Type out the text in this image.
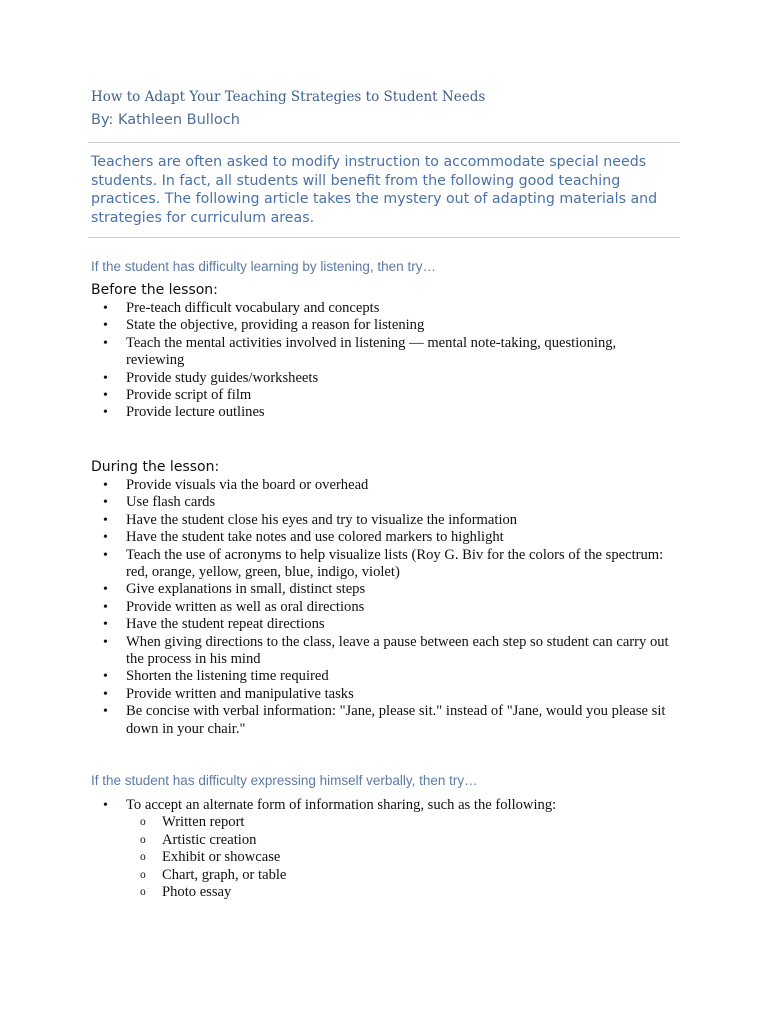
How to Adapt Your Teaching Strategies to Student Needs
By: Kathleen Bulloch
Teachers are often asked to modify instruction to accommodate special needs students. In fact, all students will benefit from the following good teaching practices. The following article takes the mystery out of adapting materials and strategies for curriculum areas.
If the student has difficulty learning by listening, then try…
Before the lesson:
• Pre-teach difficult vocabulary and concepts
• State the objective, providing a reason for listening
• Teach the mental activities involved in listening — mental note-taking, questioning, reviewing
• Provide study guides/worksheets
• Provide script of film
• Provide lecture outlines
During the lesson:
• Provide visuals via the board or overhead
• Use flash cards
• Have the student close his eyes and try to visualize the information
• Have the student take notes and use colored markers to highlight
• Teach the use of acronyms to help visualize lists (Roy G. Biv for the colors of the spectrum: red, orange, yellow, green, blue, indigo, violet)
• Give explanations in small, distinct steps
• Provide written as well as oral directions
• Have the student repeat directions
• When giving directions to the class, leave a pause between each step so student can carry out the process in his mind
• Shorten the listening time required
• Provide written and manipulative tasks
• Be concise with verbal information: "Jane, please sit." instead of "Jane, would you please sit down in your chair."
If the student has difficulty expressing himself verbally, then try…
• To accept an alternate form of information sharing, such as the following:
o Written report
o Artistic creation
o Exhibit or showcase
o Chart, graph, or table
o Photo essay
